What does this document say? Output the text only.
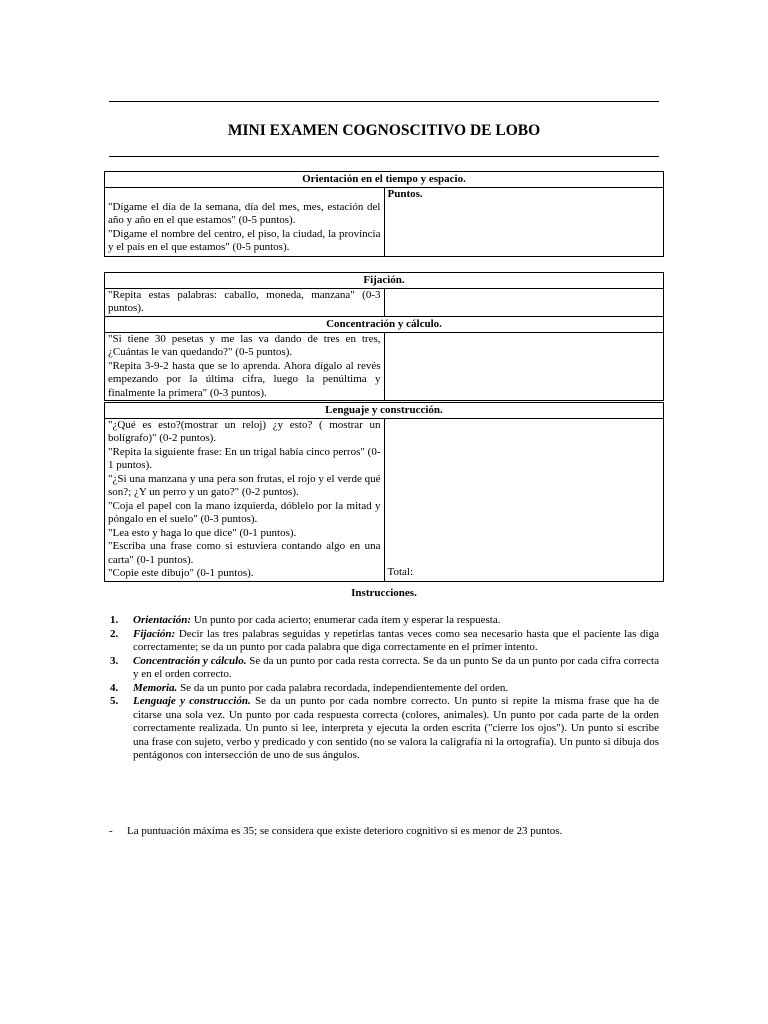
MINI EXAMEN COGNOSCITIVO DE LOBO
Orientación en el tiempo y espacio.

"Dígame el día de la semana, día del mes, mes, estación del año y año en el que estamos" (0-5 puntos).
"Dígame el nombre del centro, el piso, la ciudad, la provincia y el país en el que estamos" (0-5 puntos).
	Puntos.
Fijación.

"Repita estas palabras: caballo, moneda, manzana" (0-3 puntos).

Concentración y cálculo.

"Si tiene 30 pesetas y me las va dando de tres en tres, ¿Cuántas le van quedando?" (0-5 puntos).
"Repita 3-9-2 hasta que se lo aprenda. Ahora dígalo al revés empezando por la última cifra, luego la penúltima y finalmente la primera" (0-3 puntos).

Lenguaje y construcción.

"¿Qué es esto?(mostrar un reloj) ¿y esto? ( mostrar un bolígrafo)" (0-2 puntos).
"Repita la siguiente frase: En un trigal había cinco perros" (0-1 puntos).
"¿Si una manzana y una pera son frutas, el rojo y el verde qué son?; ¿Y un perro y un gato?" (0-2 puntos).
"Coja el papel con la mano izquierda, dóblelo por la mitad y póngalo en el suelo" (0-3 puntos).
"Lea esto y haga lo que dice" (0-1 puntos).
"Escriba una frase como si estuviera contando algo en una carta" (0-1 puntos).
"Copie este dibujo" (0-1 puntos).	Total:
Instrucciones.
1. Orientación: Un punto por cada acierto; enumerar cada ítem y esperar la respuesta.
2. Fijación: Decir las tres palabras seguidas y repetirlas tantas veces como sea necesario hasta que el paciente las diga correctamente; se da un punto por cada palabra que diga correctamente en el primer intento.
3. Concentración y cálculo. Se da un punto por cada resta correcta. Se da un punto Se da un punto por cada cifra correcta y en el orden correcto.
4. Memoria. Se da un punto por cada palabra recordada, independientemente del orden.
5. Lenguaje y construcción. Se da un punto por cada nombre correcto. Un punto si repite la misma frase que ha de citarse una sola vez. Un punto por cada respuesta correcta (colores, animales). Un punto por cada parte de la orden correctamente realizada. Un punto si lee, interpreta y ejecuta la orden escrita ("cierre los ojos"). Un punto si escribe una frase con sujeto, verbo y predicado y con sentido (no se valora la caligrafía ni la ortografía). Un punto si dibuja dos pentágonos con intersección de uno de sus ángulos.
- La puntuación máxima es 35; se considera que existe deterioro cognitivo si es menor de 23 puntos.
